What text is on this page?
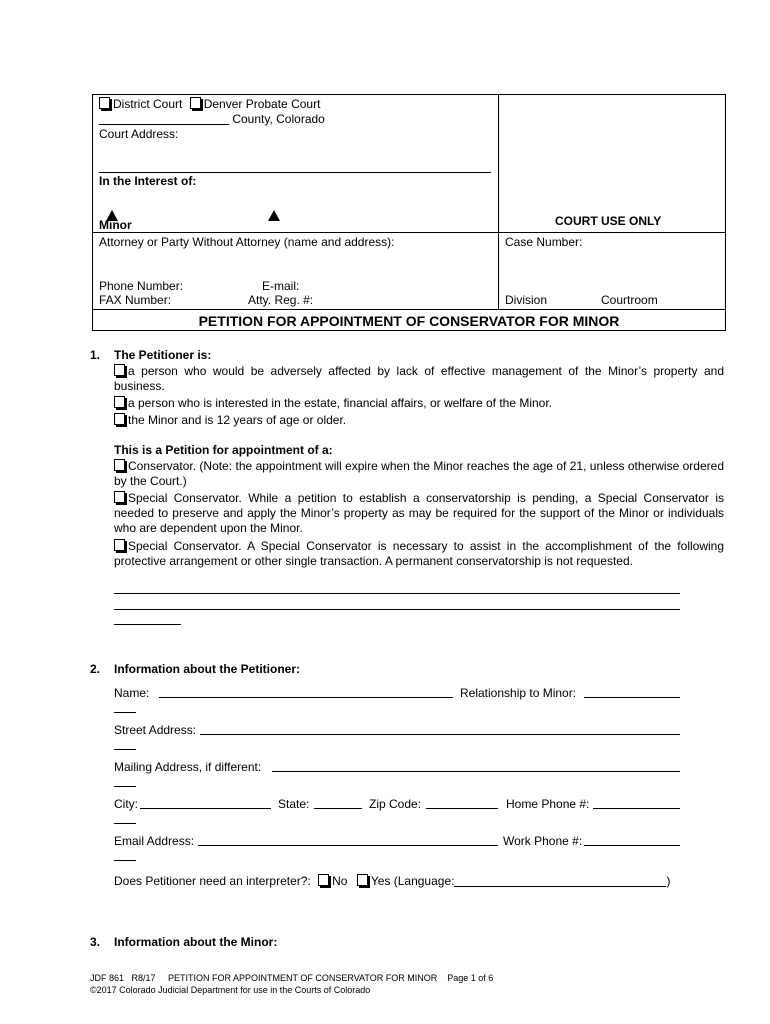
District Court Denver Probate Court
County, Colorado
Court Address:
In the Interest of:
Minor	COURT USE ONLY
Attorney or Party Without Attorney (name and address):	Case Number:
Phone Number:	E-mail:
FAX Number:	Atty. Reg. #:	Division	Courtroom
PETITION FOR APPOINTMENT OF CONSERVATOR FOR MINOR
1. The Petitioner is:
a person who would be adversely affected by lack of effective management of the Minor’s property and business.
a person who is interested in the estate, financial affairs, or welfare of the Minor.
the Minor and is 12 years of age or older.
This is a Petition for appointment of a:
Conservator. (Note: the appointment will expire when the Minor reaches the age of 21, unless otherwise ordered by the Court.)
Special Conservator. While a petition to establish a conservatorship is pending, a Special Conservator is needed to preserve and apply the Minor’s property as may be required for the support of the Minor or individuals who are dependent upon the Minor.
Special Conservator. A Special Conservator is necessary to assist in the accomplishment of the following protective arrangement or other single transaction. A permanent conservatorship is not requested.
2. Information about the Petitioner:
Name:	Relationship to Minor:
Street Address:
Mailing Address, if different:
City:	State:	Zip Code:	Home Phone #:
Email Address:	Work Phone #:
Does Petitioner need an interpreter?: No Yes (Language:	)
3. Information about the Minor:
JDF 861   R8/17     PETITION FOR APPOINTMENT OF CONSERVATOR FOR MINOR    Page 1 of 6
©2017 Colorado Judicial Department for use in the Courts of Colorado
